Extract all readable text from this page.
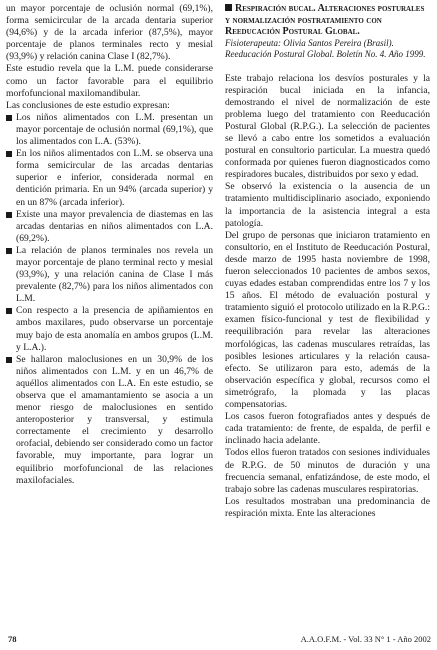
un mayor porcentaje de oclusión normal (69,1%), forma semicircular de la arcada dentaria superior (94,6%) y de la arcada inferior (87,5%), mayor porcentaje de planos terminales recto y mesial (93,9%) y relación canina Clase I (82,7%).

Este estudio revela que la L.M. puede considerarse como un factor favorable para el equilibrio morfofuncional maxilomandibular.

Las conclusiones de este estudio expresan:

Los niños alimentados con L.M. presentan un mayor porcentaje de oclusión normal (69,1%), que los alimentados con L.A. (53%).
En los niños alimentados con L.M. se observa una forma semicircular de las arcadas dentarias superior e inferior, considerada normal en dentición primaria. En un 94% (arcada superior) y en un 87% (arcada inferior).
Existe una mayor prevalencia de diastemas en las arcadas dentarias en niños alimentados con L.A. (69,2%).
La relación de planos terminales nos revela un mayor porcentaje de plano terminal recto y mesial (93,9%), y una relación canina de Clase I más prevalente (82,7%) para los niños alimentados con L.M.
Con respecto a la presencia de apiñamientos en ambos maxilares, pudo observarse un porcentaje muy bajo de esta anomalía en ambos grupos (L.M. y L.A.).
Se hallaron maloclusiones en un 30,9% de los niños alimentados con L.M. y en un 46,7% de aquéllos alimentados con L.A. En este estudio, se observa que el amamantamiento se asocia a un menor riesgo de maloclusiones en sentido anteroposterior y transversal, y estimula correctamente el crecimiento y desarrollo orofacial, debiendo ser considerado como un factor favorable, muy importante, para lograr un equilibrio morfofuncional de las relaciones maxilofaciales.

Respiración bucal. Alteraciones posturales y normalización postratamiento con Reeducación Postural Global.

Fisioterapeuta: Olivia Santos Pereira (Brasil). Reeducación Postural Global. Boletín No. 4. Año 1999.

Este trabajo relaciona los desvíos posturales y la respiración bucal iniciada en la infancia, demostrando el nivel de normalización de este problema luego del tratamiento con Reeducación Postural Global (R.P.G.). La selección de pacientes se llevó a cabo entre los sometidos a evaluación postural en consultorio particular. La muestra quedó conformada por quienes fueron diagnosticados como respiradores bucales, distribuidos por sexo y edad.

Se observó la existencia o la ausencia de un tratamiento multidisciplinario asociado, exponiendo la importancia de la asistencia integral a esta patología.

Del grupo de personas que iniciaron tratamiento en consultorio, en el Instituto de Reeducación Postural, desde marzo de 1995 hasta noviembre de 1998, fueron seleccionados 10 pacientes de ambos sexos, cuyas edades estaban comprendidas entre los 7 y los 15 años. El método de evaluación postural y tratamiento siguió el protocolo utilizado en la R.P.G.: examen físico-funcional y test de flexibilidad y reequilibración para revelar las alteraciones morfológicas, las cadenas musculares retraídas, las posibles lesiones articulares y la relación causa-efecto. Se utilizaron para esto, además de la observación específica y global, recursos como el simetrógrafo, la plomada y las placas compensatorias.

Los casos fueron fotografiados antes y después de cada tratamiento: de frente, de espalda, de perfil e inclinado hacia adelante.

Todos ellos fueron tratados con sesiones individuales de R.P.G. de 50 minutos de duración y una frecuencia semanal, enfatizándose, de este modo, el trabajo sobre las cadenas musculares respiratorias.

Los resultados mostraban una predominancia de respiración mixta. Ente las alteraciones

78	A.A.O.F.M. - Vol. 33 N° 1 - Año 2002
